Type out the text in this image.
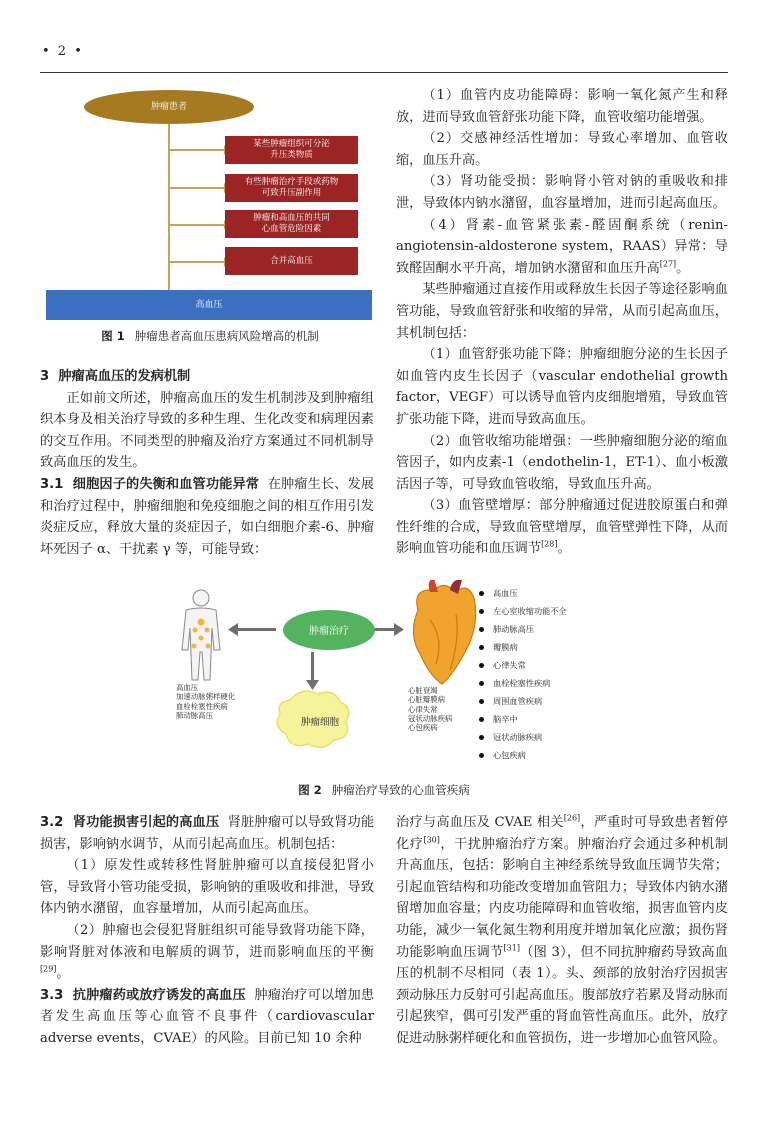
• 2 •
肿瘤患者
某些肿瘤组织可分泌
升压类物质
有些肿瘤治疗手段或药物
可致升压副作用
肿瘤和高血压的共同
心血管危险因素
合并高血压
高血压
图 1 肿瘤患者高血压患病风险增高的机制

3 肿瘤高血压的发病机制

正如前文所述，肿瘤高血压的发生机制涉及到肿瘤组织本身及相关治疗导致的多种生理、生化改变和病理因素的交互作用。不同类型的肿瘤及治疗方案通过不同机制导致高血压的发生。

3.1 细胞因子的失衡和血管功能异常 在肿瘤生长、发展和治疗过程中，肿瘤细胞和免疫细胞之间的相互作用引发炎症反应，释放大量的炎症因子，如白细胞介素-6、肿瘤坏死因子 α、干扰素 γ 等，可能导致：

（1）血管内皮功能障碍：影响一氧化氮产生和释放，进而导致血管舒张功能下降，血管收缩功能增强。

（2）交感神经活性增加：导致心率增加、血管收缩，血压升高。

（3）肾功能受损：影响肾小管对钠的重吸收和排泄，导致体内钠水潴留，血容量增加，进而引起高血压。

（4）肾素-血管紧张素-醛固酮系统（renin-angiotensin-aldosterone system，RAAS）异常：导致醛固酮水平升高，增加钠水潴留和血压升高[27]。

某些肿瘤通过直接作用或释放生长因子等途径影响血管功能，导致血管舒张和收缩的异常，从而引起高血压，其机制包括：

（1）血管舒张功能下降：肿瘤细胞分泌的生长因子如血管内皮生长因子（vascular endothelial growth factor，VEGF）可以诱导血管内皮细胞增殖，导致血管扩张功能下降，进而导致高血压。

（2）血管收缩功能增强：一些肿瘤细胞分泌的缩血管因子，如内皮素-1（endothelin-1，ET-1）、血小板激活因子等，可导致血管收缩，导致血压升高。

（3）血管壁增厚：部分肿瘤通过促进胶原蛋白和弹性纤维的合成，导致血管壁增厚，血管壁弹性下降，从而影响血管功能和血压调节[28]。

肿瘤治疗
肿瘤细胞
高血压
加速动脉粥样硬化
血栓栓塞性疾病
肺动脉高压
心脏衰竭
心脏瓣膜病
心律失常
冠状动脉疾病
心包疾病
高血压
左心室收缩功能不全
肺动脉高压
瓣膜病
心律失常
血栓栓塞性疾病
周围血管疾病
脑卒中
冠状动脉疾病
心包疾病
图 2 肿瘤治疗导致的心血管疾病

3.2 肾功能损害引起的高血压 肾脏肿瘤可以导致肾功能损害，影响钠水调节，从而引起高血压。机制包括：

（1）原发性或转移性肾脏肿瘤可以直接侵犯肾小管，导致肾小管功能受损，影响钠的重吸收和排泄，导致体内钠水潴留，血容量增加，从而引起高血压。

（2）肿瘤也会侵犯肾脏组织可能导致肾功能下降，影响肾脏对体液和电解质的调节，进而影响血压的平衡[29]。

3.3 抗肿瘤药或放疗诱发的高血压 肿瘤治疗可以增加患者发生高血压等心血管不良事件（cardiovascular adverse events，CVAE）的风险。目前已知 10 余种

治疗与高血压及 CVAE 相关[26]，严重时可导致患者暂停化疗[30]，干扰肿瘤治疗方案。肿瘤治疗会通过多种机制升高血压，包括：影响自主神经系统导致血压调节失常；引起血管结构和功能改变增加血管阻力；导致体内钠水潴留增加血容量；内皮功能障碍和血管收缩，损害血管内皮功能，减少一氧化氮生物利用度并增加氧化应激；损伤肾功能影响血压调节[31]（图 3），但不同抗肿瘤药导致高血压的机制不尽相同（表 1）。头、颈部的放射治疗因损害颈动脉压力反射可引起高血压。腹部放疗若累及肾动脉而引起狭窄，偶可引发严重的肾血管性高血压。此外，放疗促进动脉粥样硬化和血管损伤，进一步增加心血管风险。
